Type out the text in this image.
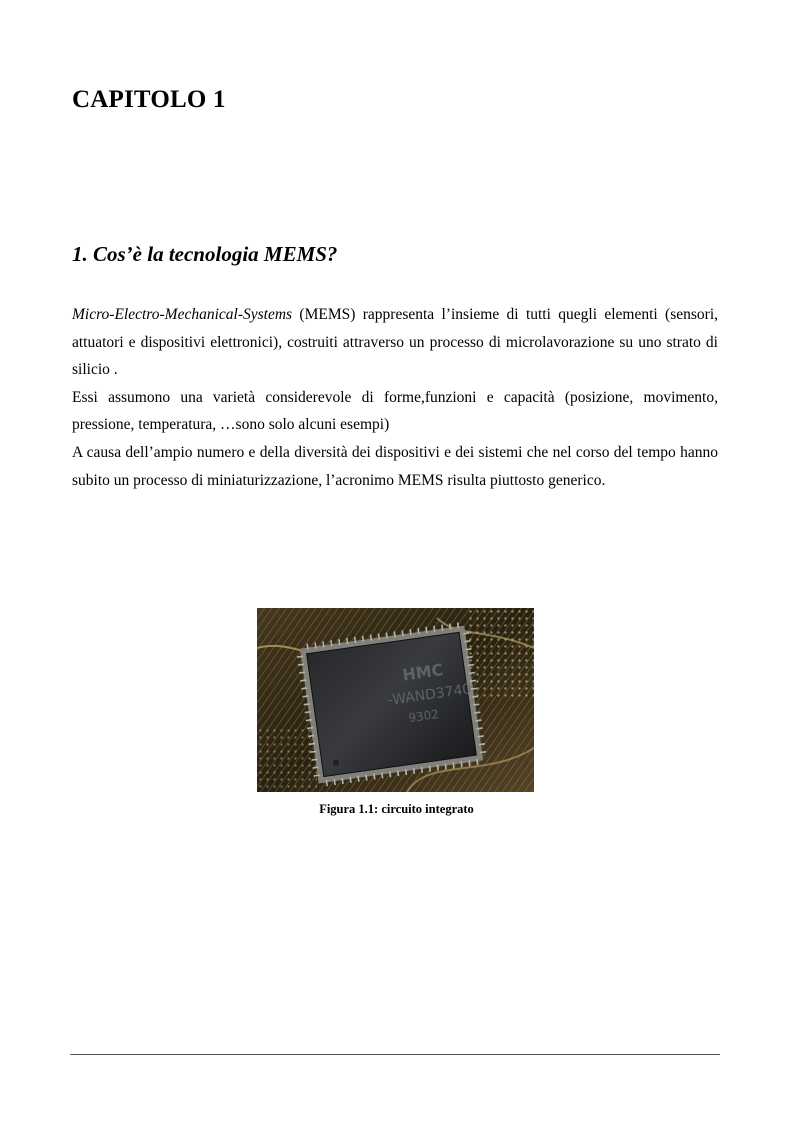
CAPITOLO 1
1. Cos’è la tecnologia MEMS?

Micro-Electro-Mechanical-Systems (MEMS) rappresenta l’insieme di tutti quegli elementi (sensori, attuatori e dispositivi elettronici), costruiti attraverso un processo di microlavorazione su uno strato di silicio .

Essi assumono una varietà considerevole di forme,funzioni e capacità (posizione, movimento, pressione, temperatura, …sono solo alcuni esempi)

A causa dell’ampio numero e della diversità dei dispositivi e dei sistemi che nel corso del tempo hanno subito un processo di miniaturizzazione, l’acronimo MEMS risulta piuttosto generico.

HMC
-WAND3740
9302

Figura 1.1: circuito integrato
